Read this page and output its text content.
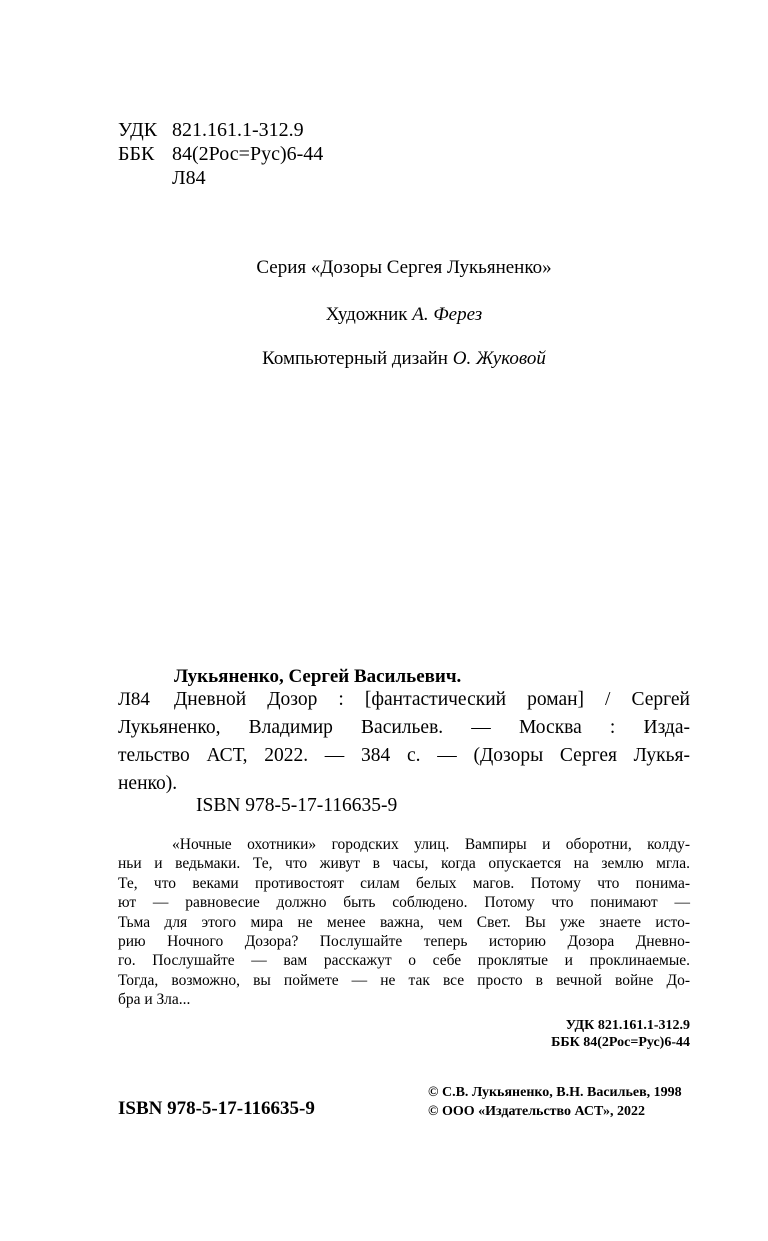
УДК 821.161.1-312.9
ББК 84(2Рос=Рус)6-44
Л84
Серия «Дозоры Сергея Лукьяненко»
Художник А. Ферез
Компьютерный дизайн О. Жуковой
Лукьяненко, Сергей Васильевич.
Л84 Дневной Дозор : [фантастический роман] / Сергей
Лукьяненко, Владимир Васильев. — Москва : Изда-
тельство АСТ, 2022. — 384 с. — (Дозоры Сергея Лукья-
ненко).
ISBN 978-5-17-116635-9
«Ночные охотники» городских улиц. Вампиры и оборотни, колду-
ньи и ведьмаки. Те, что живут в часы, когда опускается на землю мгла.
Те, что веками противостоят силам белых магов. Потому что понима-
ют — равновесие должно быть соблюдено. Потому что понимают —
Тьма для этого мира не менее важна, чем Свет. Вы уже знаете исто-
рию Ночного Дозора? Послушайте теперь историю Дозора Дневно-
го. Послушайте — вам расскажут о себе проклятые и проклинаемые.
Тогда, возможно, вы поймете — не так все просто в вечной войне До-
бра и Зла...
УДК 821.161.1-312.9
ББК 84(2Рос=Рус)6-44
ISBN 978-5-17-116635-9
© С.В. Лукьяненко, В.Н. Васильев, 1998
© ООО «Издательство АСТ», 2022
